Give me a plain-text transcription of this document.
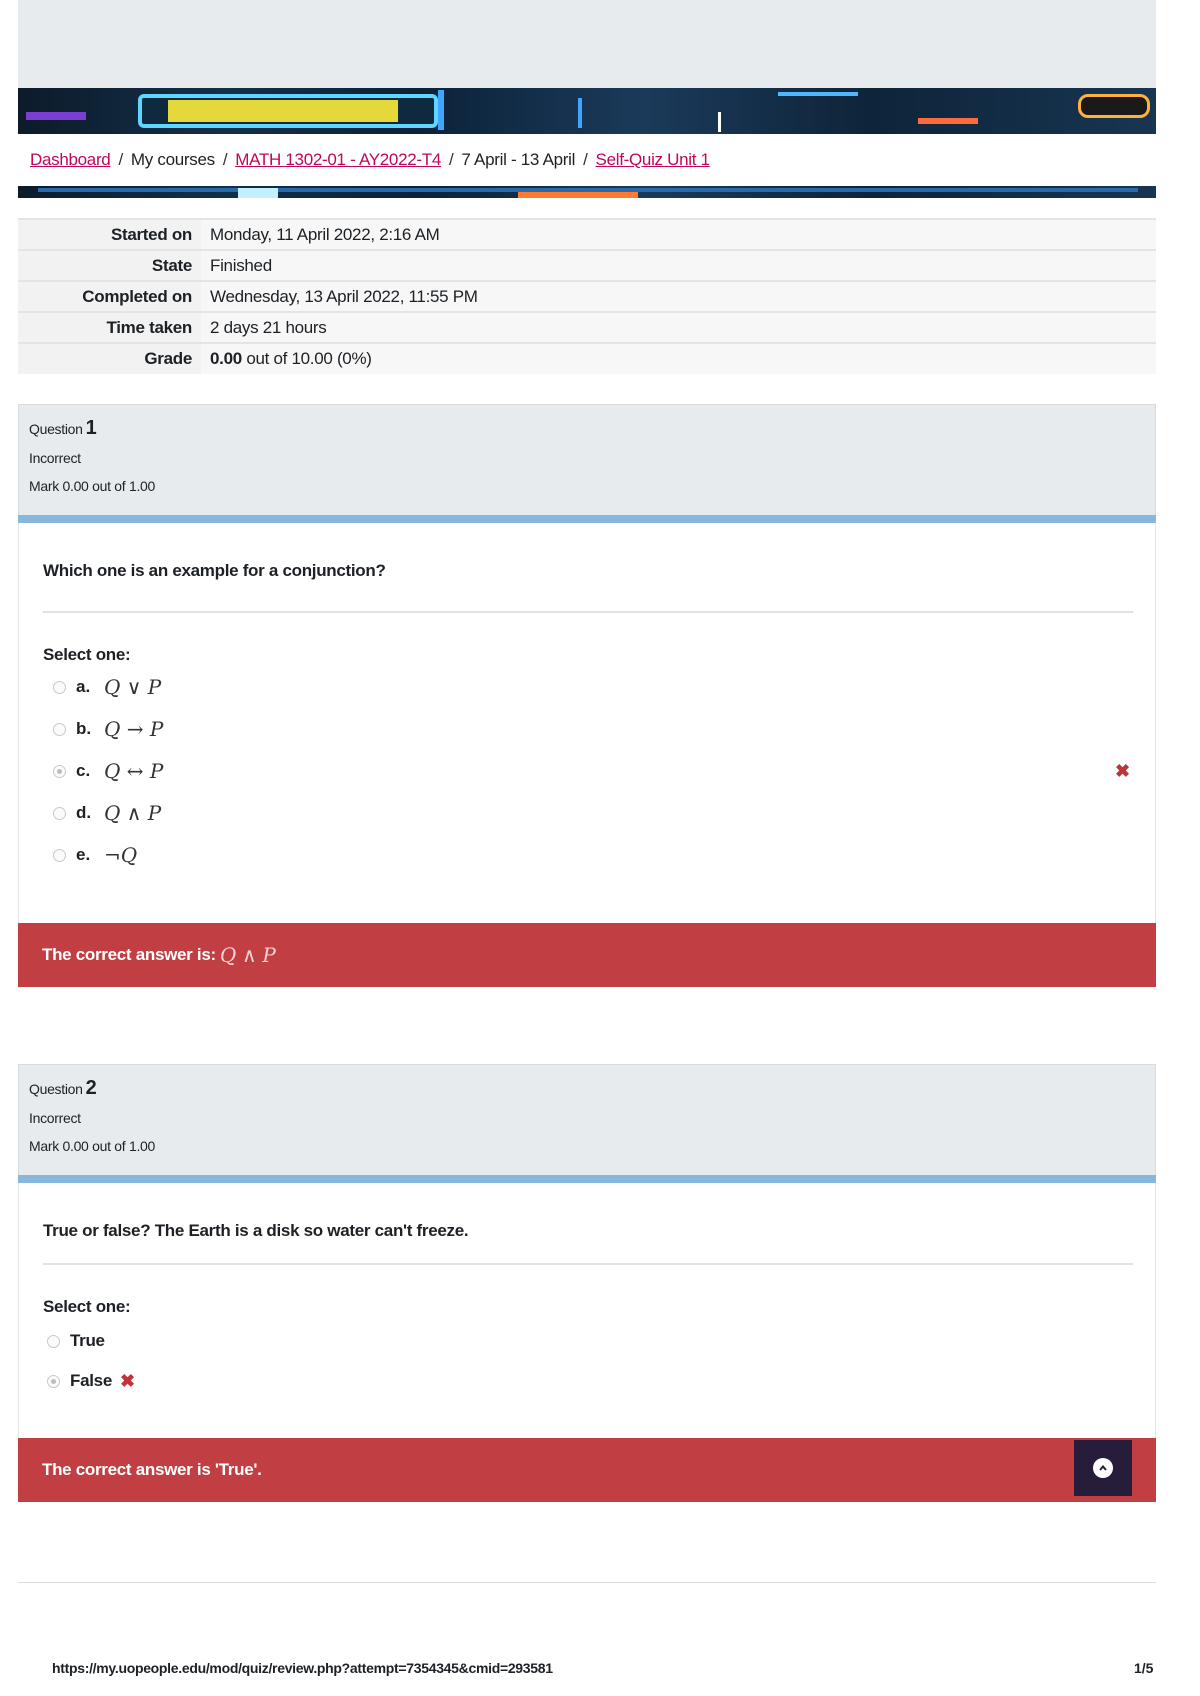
Dashboard / My courses / MATH 1302-01 - AY2022-T4 / 7 April - 13 April / Self-Quiz Unit 1
Started on	Monday, 11 April 2022, 2:16 AM
State	Finished
Completed on	Wednesday, 13 April 2022, 11:55 PM
Time taken	2 days 21 hours
Grade	0.00 out of 10.00 (0%)
Question 1
Incorrect
Mark 0.00 out of 1.00
Which one is an example for a conjunction?
Select one:
a. Q ∨ P
b. Q → P
c. Q ↔ P	✖
d. Q ∧ P
e. ¬Q
The correct answer is: Q ∧ P
Question 2
Incorrect
Mark 0.00 out of 1.00
True or false? The Earth is a disk so water can't freeze.
Select one:
True
False ✖
The correct answer is 'True'.
https://my.uopeople.edu/mod/quiz/review.php?attempt=7354345&cmid=293581	1/5
